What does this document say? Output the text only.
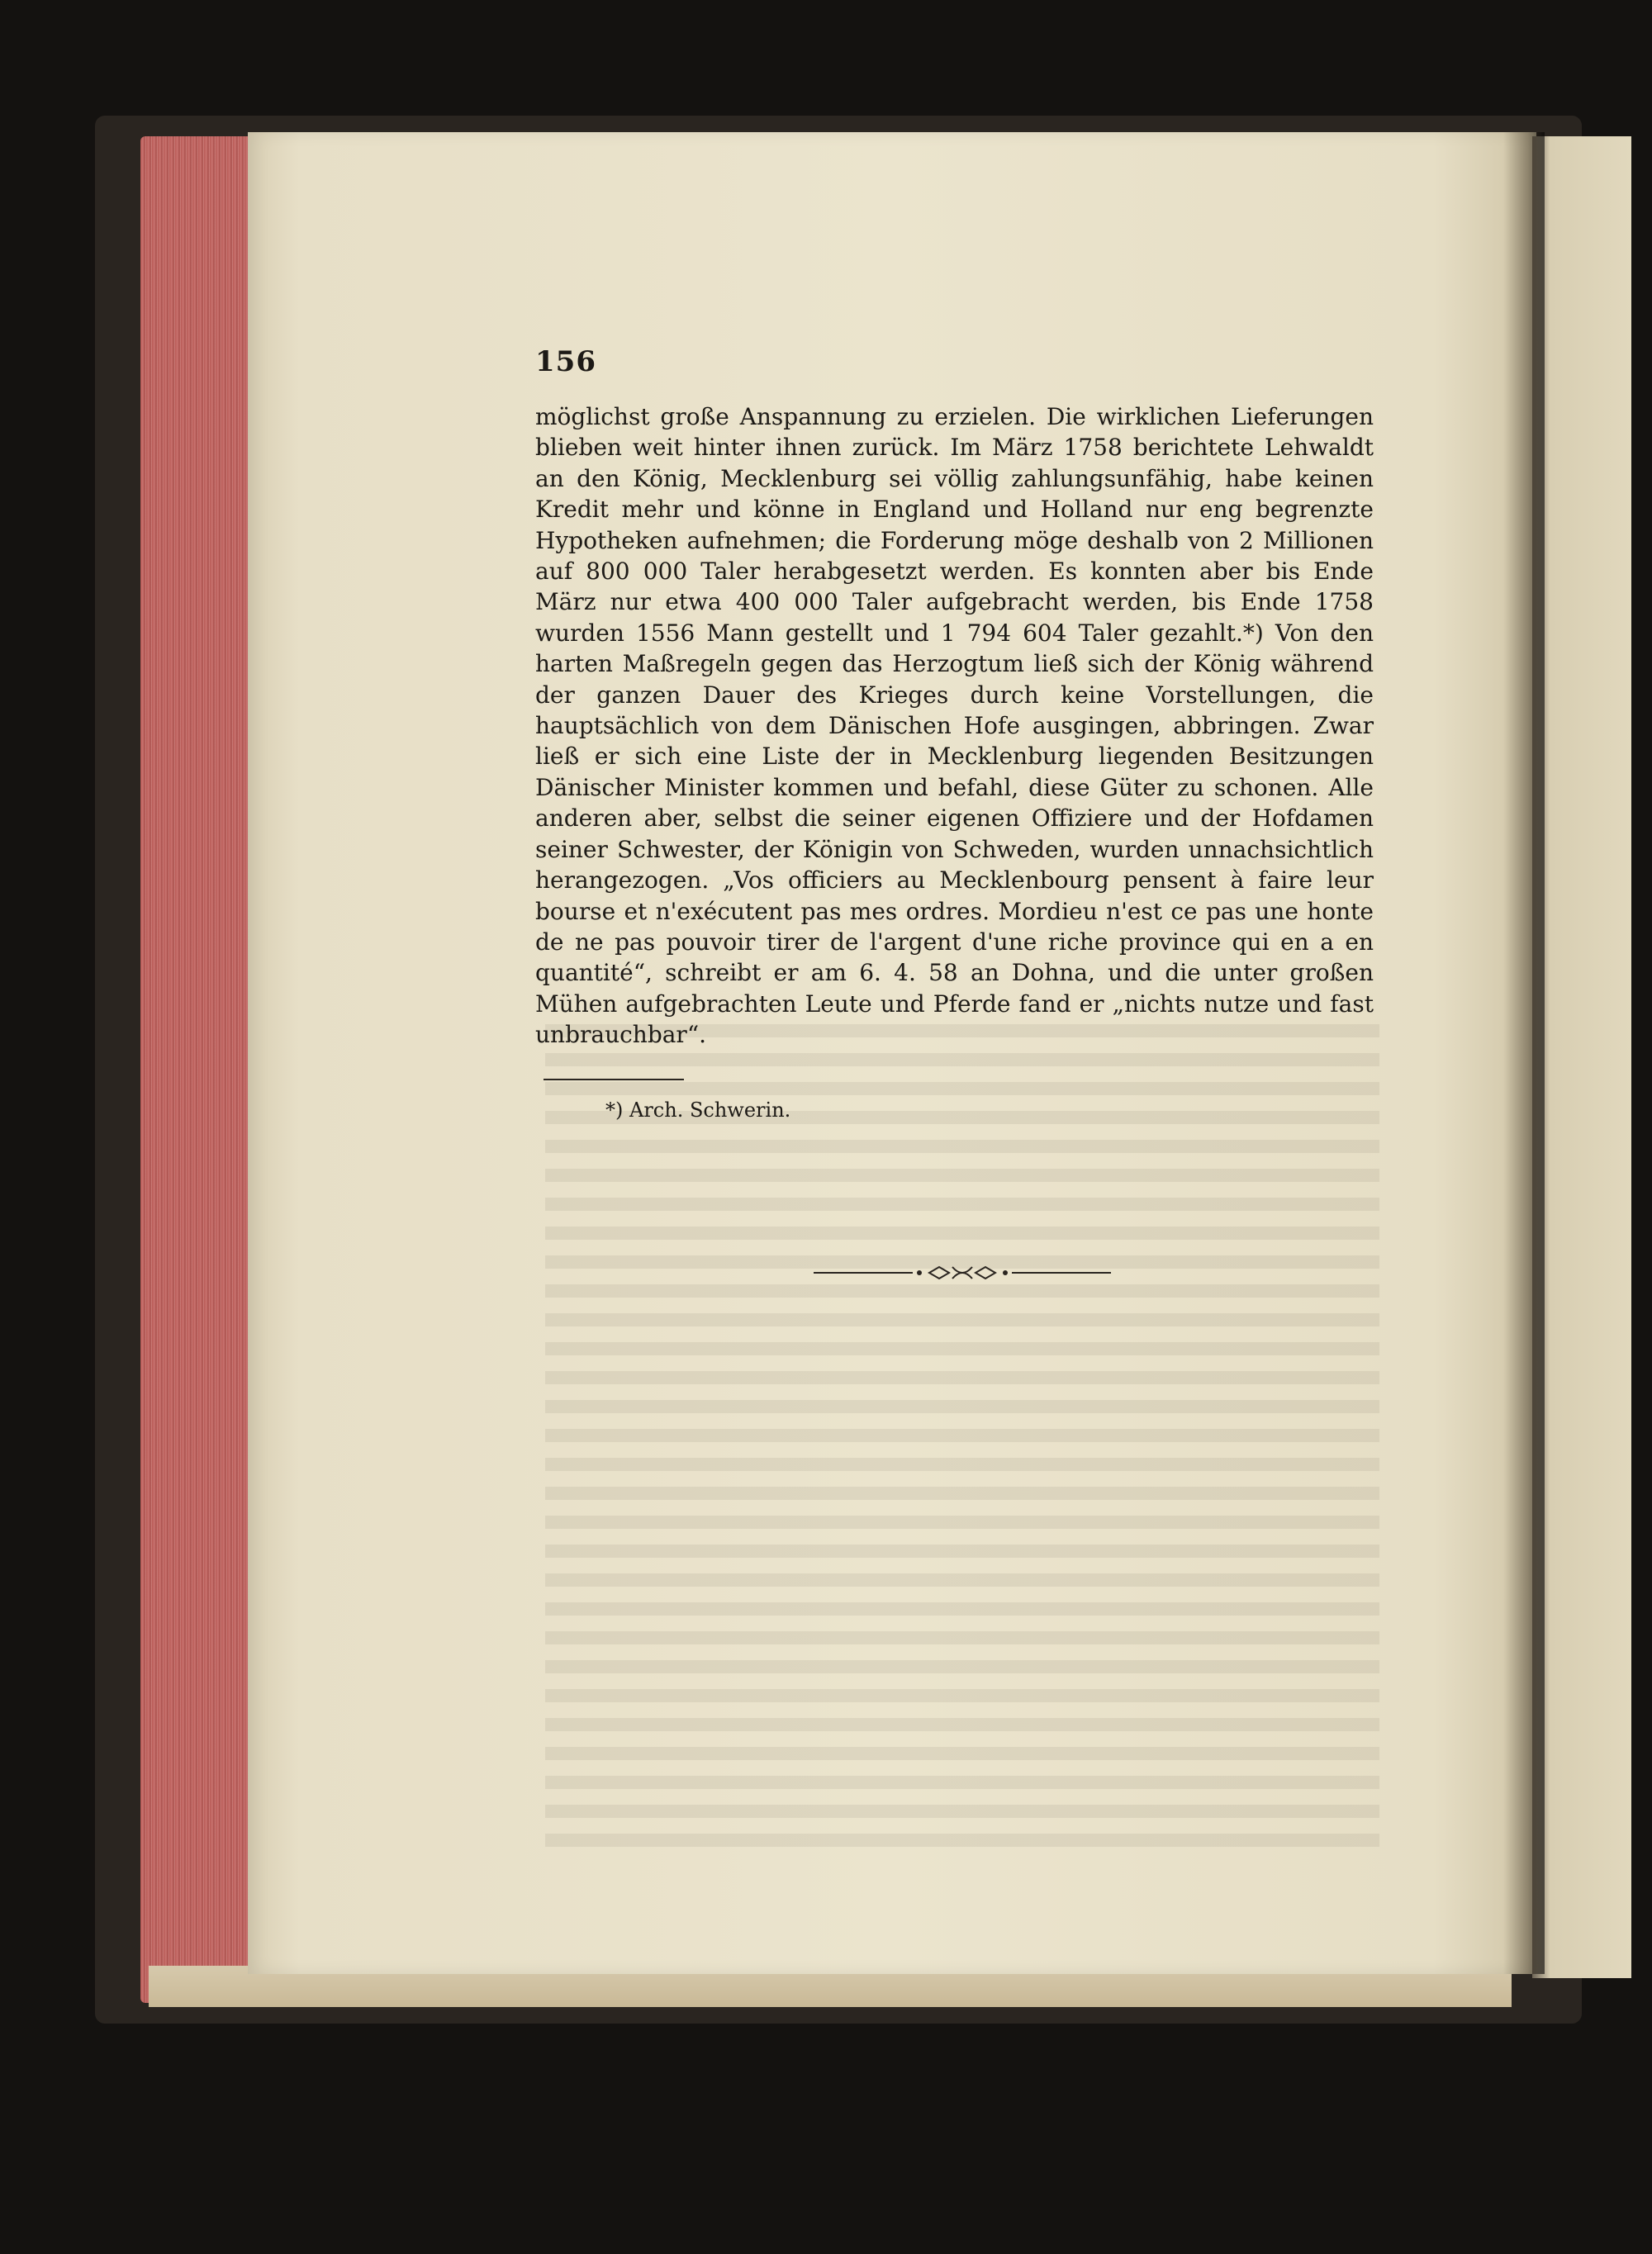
156

möglichst große Anspannung zu erzielen. Die wirklichen Lieferungen blieben weit hinter ihnen zurück. Im März 1758 berichtete Lehwaldt an den König, Mecklenburg sei völlig zahlungsunfähig, habe keinen Kredit mehr und könne in England und Holland nur eng begrenzte Hypotheken aufnehmen; die Forderung möge deshalb von 2 Millionen auf 800 000 Taler herabgesetzt werden. Es konnten aber bis Ende März nur etwa 400 000 Taler aufgebracht werden, bis Ende 1758 wurden 1556 Mann gestellt und 1 794 604 Taler gezahlt.*) Von den harten Maßregeln gegen das Herzogtum ließ sich der König während der ganzen Dauer des Krieges durch keine Vorstellungen, die hauptsächlich von dem Dänischen Hofe ausgingen, abbringen. Zwar ließ er sich eine Liste der in Mecklenburg liegenden Besitzungen Dänischer Minister kommen und befahl, diese Güter zu schonen. Alle anderen aber, selbst die seiner eigenen Offiziere und der Hofdamen seiner Schwester, der Königin von Schweden, wurden unnachsichtlich herangezogen. „Vos officiers au Mecklenbourg pensent à faire leur bourse et n'exécutent pas mes ordres. Mordieu n'est ce pas une honte de ne pas pouvoir tirer de l'argent d'une riche province qui en a en quantité“, schreibt er am 6. 4. 58 an Dohna, und die unter großen Mühen aufgebrachten Leute und Pferde fand er „nichts nutze und fast unbrauchbar“.

*) Arch. Schwerin.
